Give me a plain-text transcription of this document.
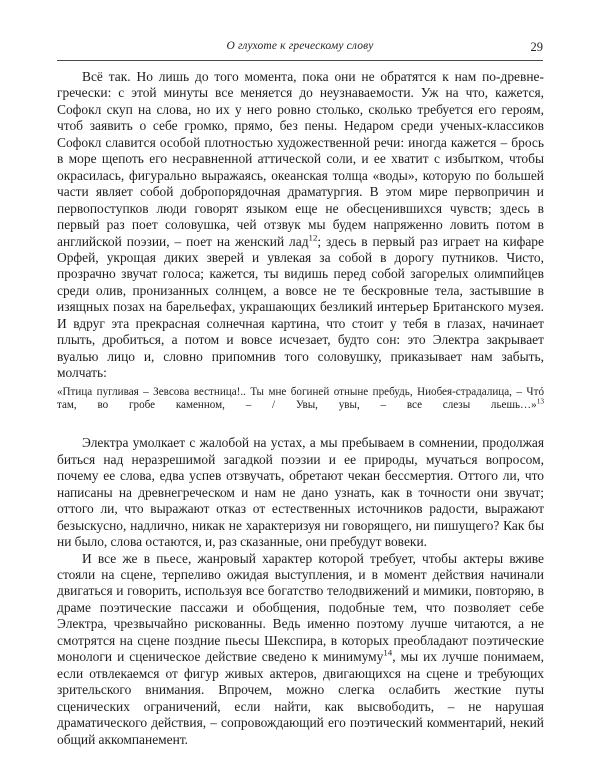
О глухоте к греческому слову	29

Всё так. Но лишь до того момента, пока они не обратятся к нам по-древнегречески: с этой минуты все меняется до неузнаваемости. Уж на что, кажется, Софокл скуп на слова, но их у него ровно столько, сколько требуется его героям, чтоб заявить о себе громко, прямо, без пены. Недаром среди ученых-классиков Софокл славится особой плотностью художественной речи: иногда кажется – брось в море щепоть его несравненной аттической соли, и ее хватит с избытком, чтобы окрасилась, фигурально выражаясь, океанская толща «воды», которую по большей части являет собой добропорядочная драматургия. В этом мире первопричин и первопоступков люди говорят языком еще не обесценившихся чувств; здесь в первый раз поет соловушка, чей отзвук мы будем напряженно ловить потом в английской поэзии, – поет на женский лад$^{12}$; здесь в первый раз играет на кифаре Орфей, укрощая диких зверей и увлекая за собой в дорогу путников. Чисто, прозрачно звучат голоса; кажется, ты видишь перед собой загорелых олимпийцев среди олив, пронизанных солнцем, а вовсе не те бескровные тела, застывшие в изящных позах на барельефах, украшающих безликий интерьер Британского музея. И вдруг эта прекрасная солнечная картина, что стоит у тебя в глазах, начинает плыть, дробиться, а потом и вовсе исчезает, будто сон: это Электра закрывает вуалью лицо и, словно припомнив того соловушку, приказывает нам забыть, молчать:

«Птица пугливая – Зевсова вестница!.. Ты мне богиней отныне пребудь, Ниобея-страдалица, – Чтó там, во гробе каменном, – / Увы, увы, – все слезы льешь…»$^{13}$

Электра умолкает с жалобой на устах, а мы пребываем в сомнении, продолжая биться над неразрешимой загадкой поэзии и ее природы, мучаться вопросом, почему ее слова, едва успев отзвучать, обретают чекан бессмертия. Оттого ли, что написаны на древнегреческом и нам не дано узнать, как в точности они звучат; оттого ли, что выражают отказ от естественных источников радости, выражают безыскусно, надлично, никак не характеризуя ни говорящего, ни пишущего? Как бы ни было, слова остаются, и, раз сказанные, они пребудут вовеки.

И все же в пьесе, жанровый характер которой требует, чтобы актеры вживе стояли на сцене, терпеливо ожидая выступления, и в момент действия начинали двигаться и говорить, используя все богатство телодвижений и мимики, повторяю, в драме поэтические пассажи и обобщения, подобные тем, что позволяет себе Электра, чрезвычайно рискованны. Ведь именно поэтому лучше читаются, а не смотрятся на сцене поздние пьесы Шекспира, в которых преобладают поэтические монологи и сценическое действие сведено к минимуму$^{14}$, мы их лучше понимаем, если отвлекаемся от фигур живых актеров, двигающихся на сцене и требующих зрительского внимания. Впрочем, можно слегка ослабить жесткие путы сценических ограничений, если найти, как высвободить, – не нарушая драматического действия, – сопровождающий его поэтический комментарий, некий общий аккомпанемент.
